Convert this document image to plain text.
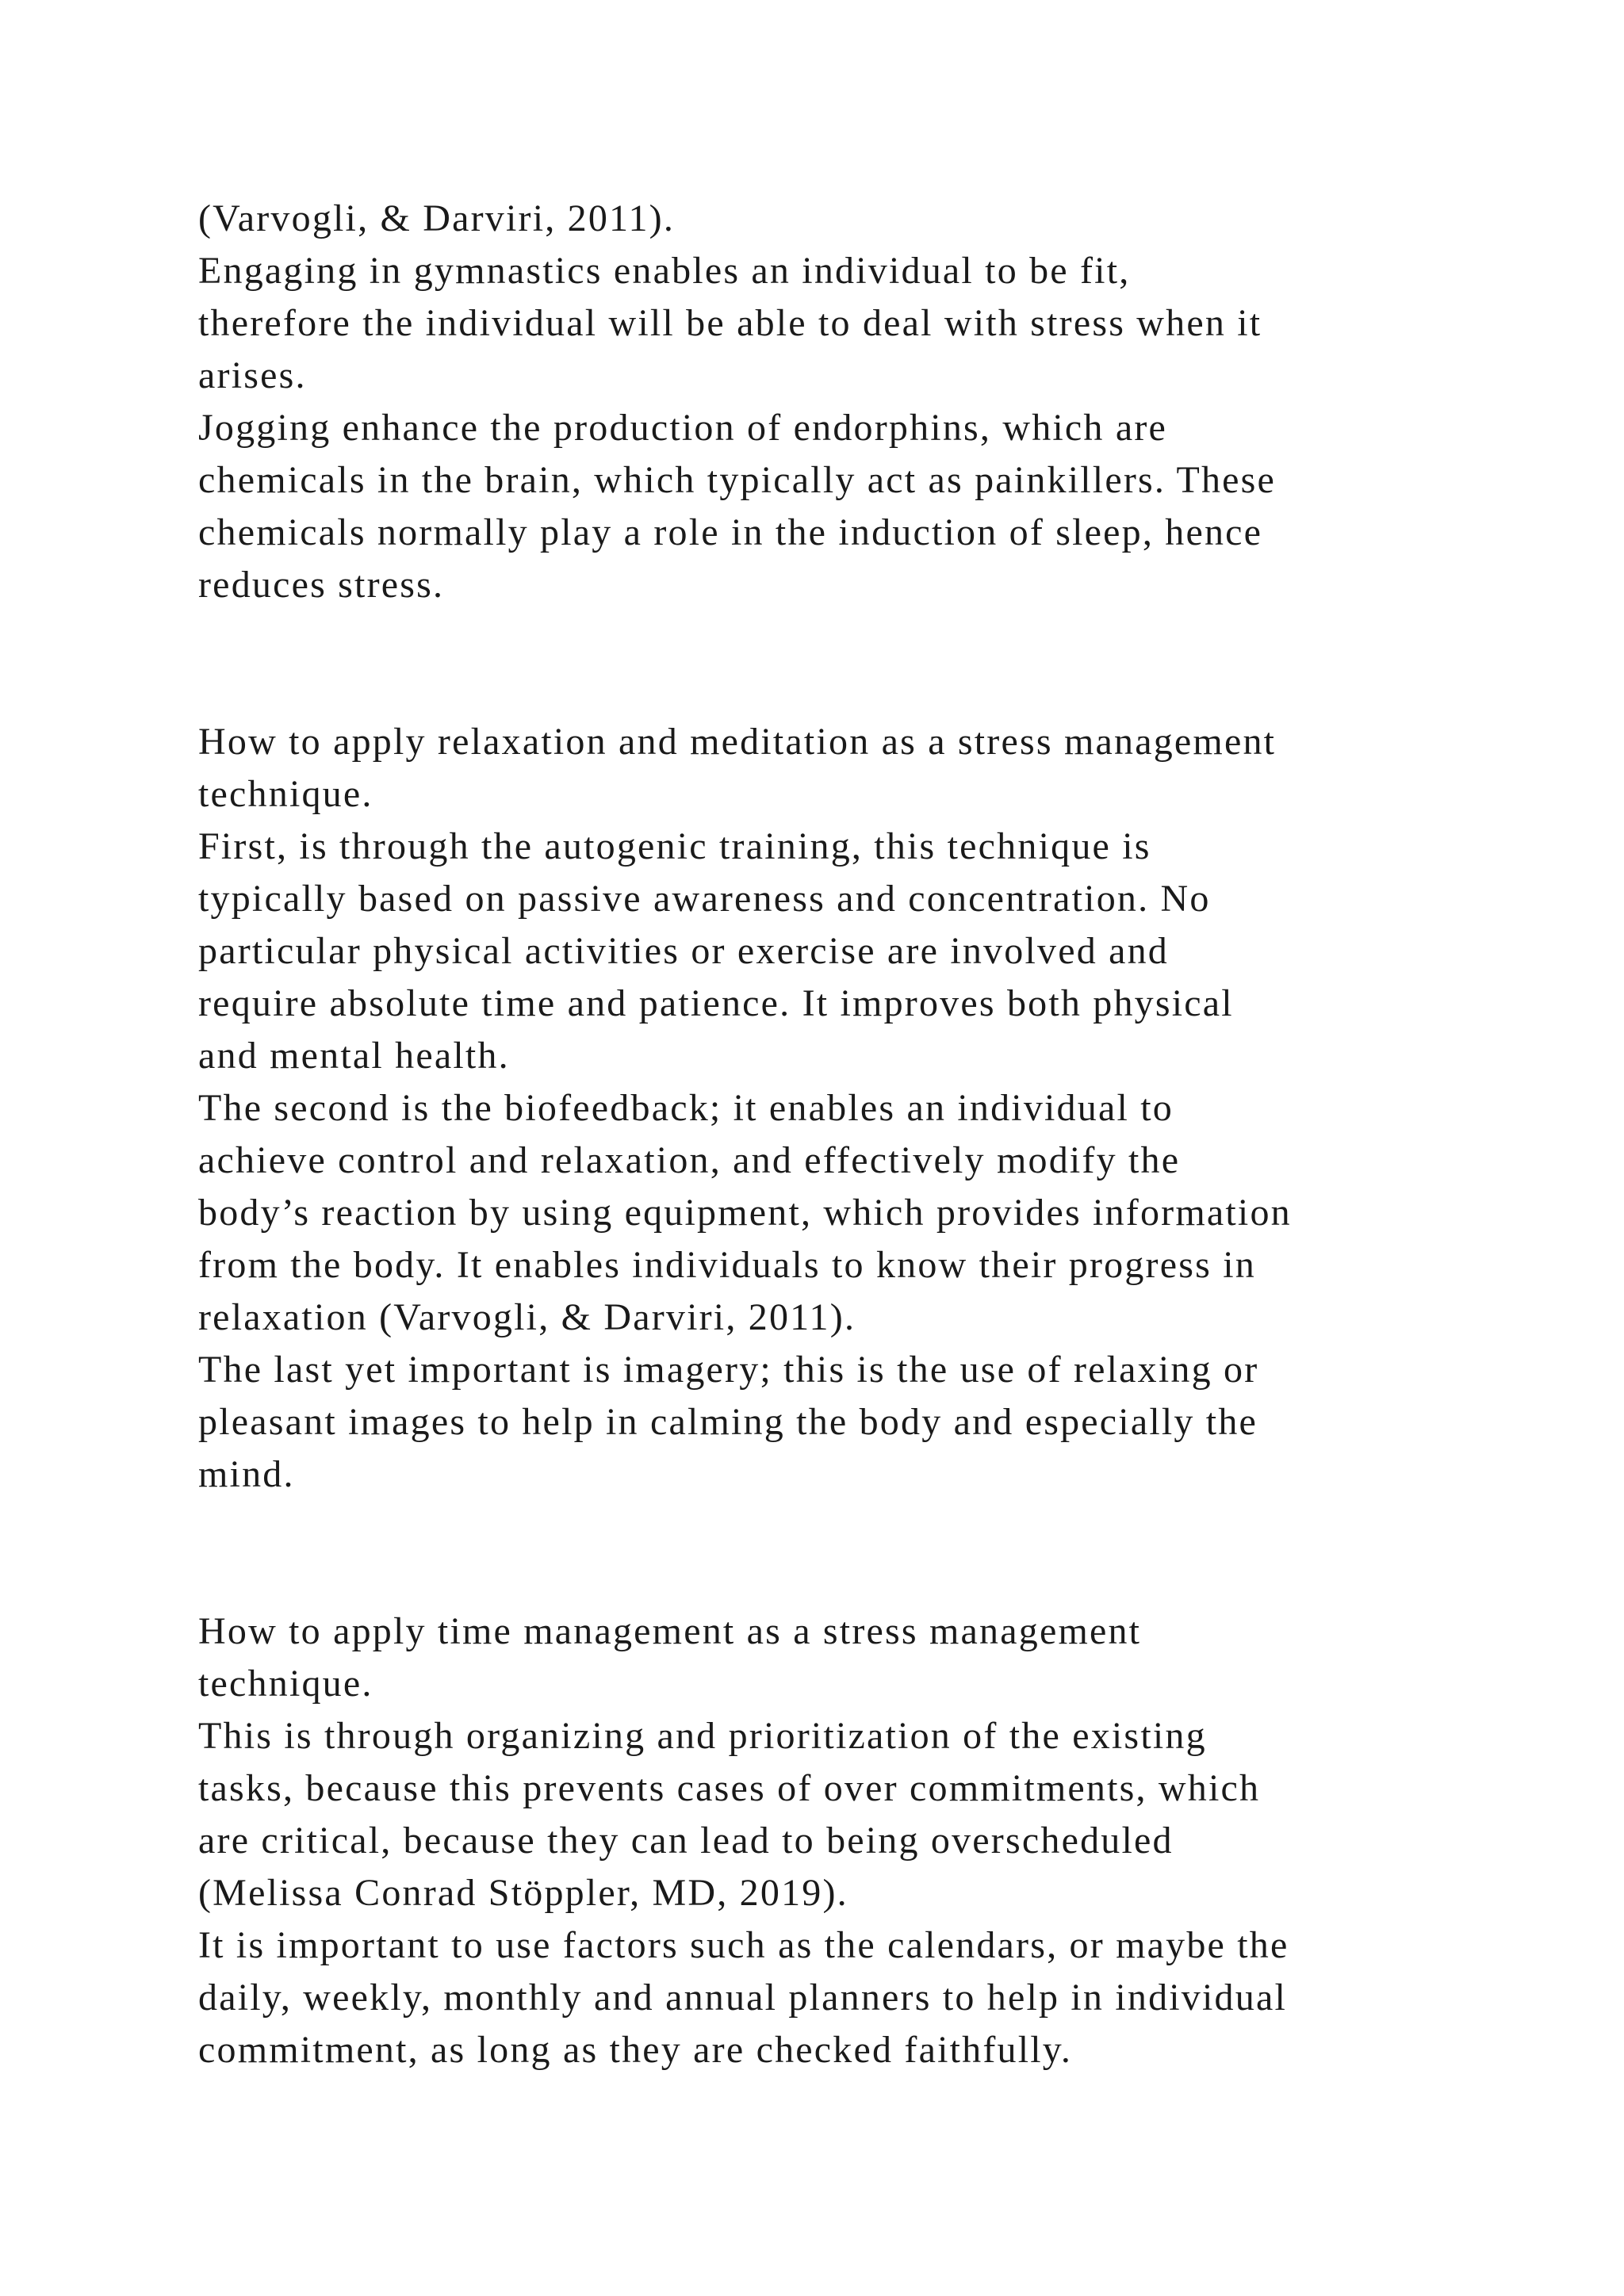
(Varvogli, & Darviri, 2011).
Engaging in gymnastics enables an individual to be fit,
therefore the individual will be able to deal with stress when it
arises.
Jogging enhance the production of endorphins, which are
chemicals in the brain, which typically act as painkillers. These
chemicals normally play a role in the induction of sleep, hence
reduces stress.
How to apply relaxation and meditation as a stress management
technique.
First, is through the autogenic training, this technique is
typically based on passive awareness and concentration. No
particular physical activities or exercise are involved and
require absolute time and patience. It improves both physical
and mental health.
The second is the biofeedback; it enables an individual to
achieve control and relaxation, and effectively modify the
body’s reaction by using equipment, which provides information
from the body. It enables individuals to know their progress in
relaxation (Varvogli, & Darviri, 2011).
The last yet important is imagery; this is the use of relaxing or
pleasant images to help in calming the body and especially the
mind.
How to apply time management as a stress management
technique.
This is through organizing and prioritization of the existing
tasks, because this prevents cases of over commitments, which
are critical, because they can lead to being overscheduled
(Melissa Conrad Stöppler, MD, 2019).
It is important to use factors such as the calendars, or maybe the
daily, weekly, monthly and annual planners to help in individual
commitment, as long as they are checked faithfully.
